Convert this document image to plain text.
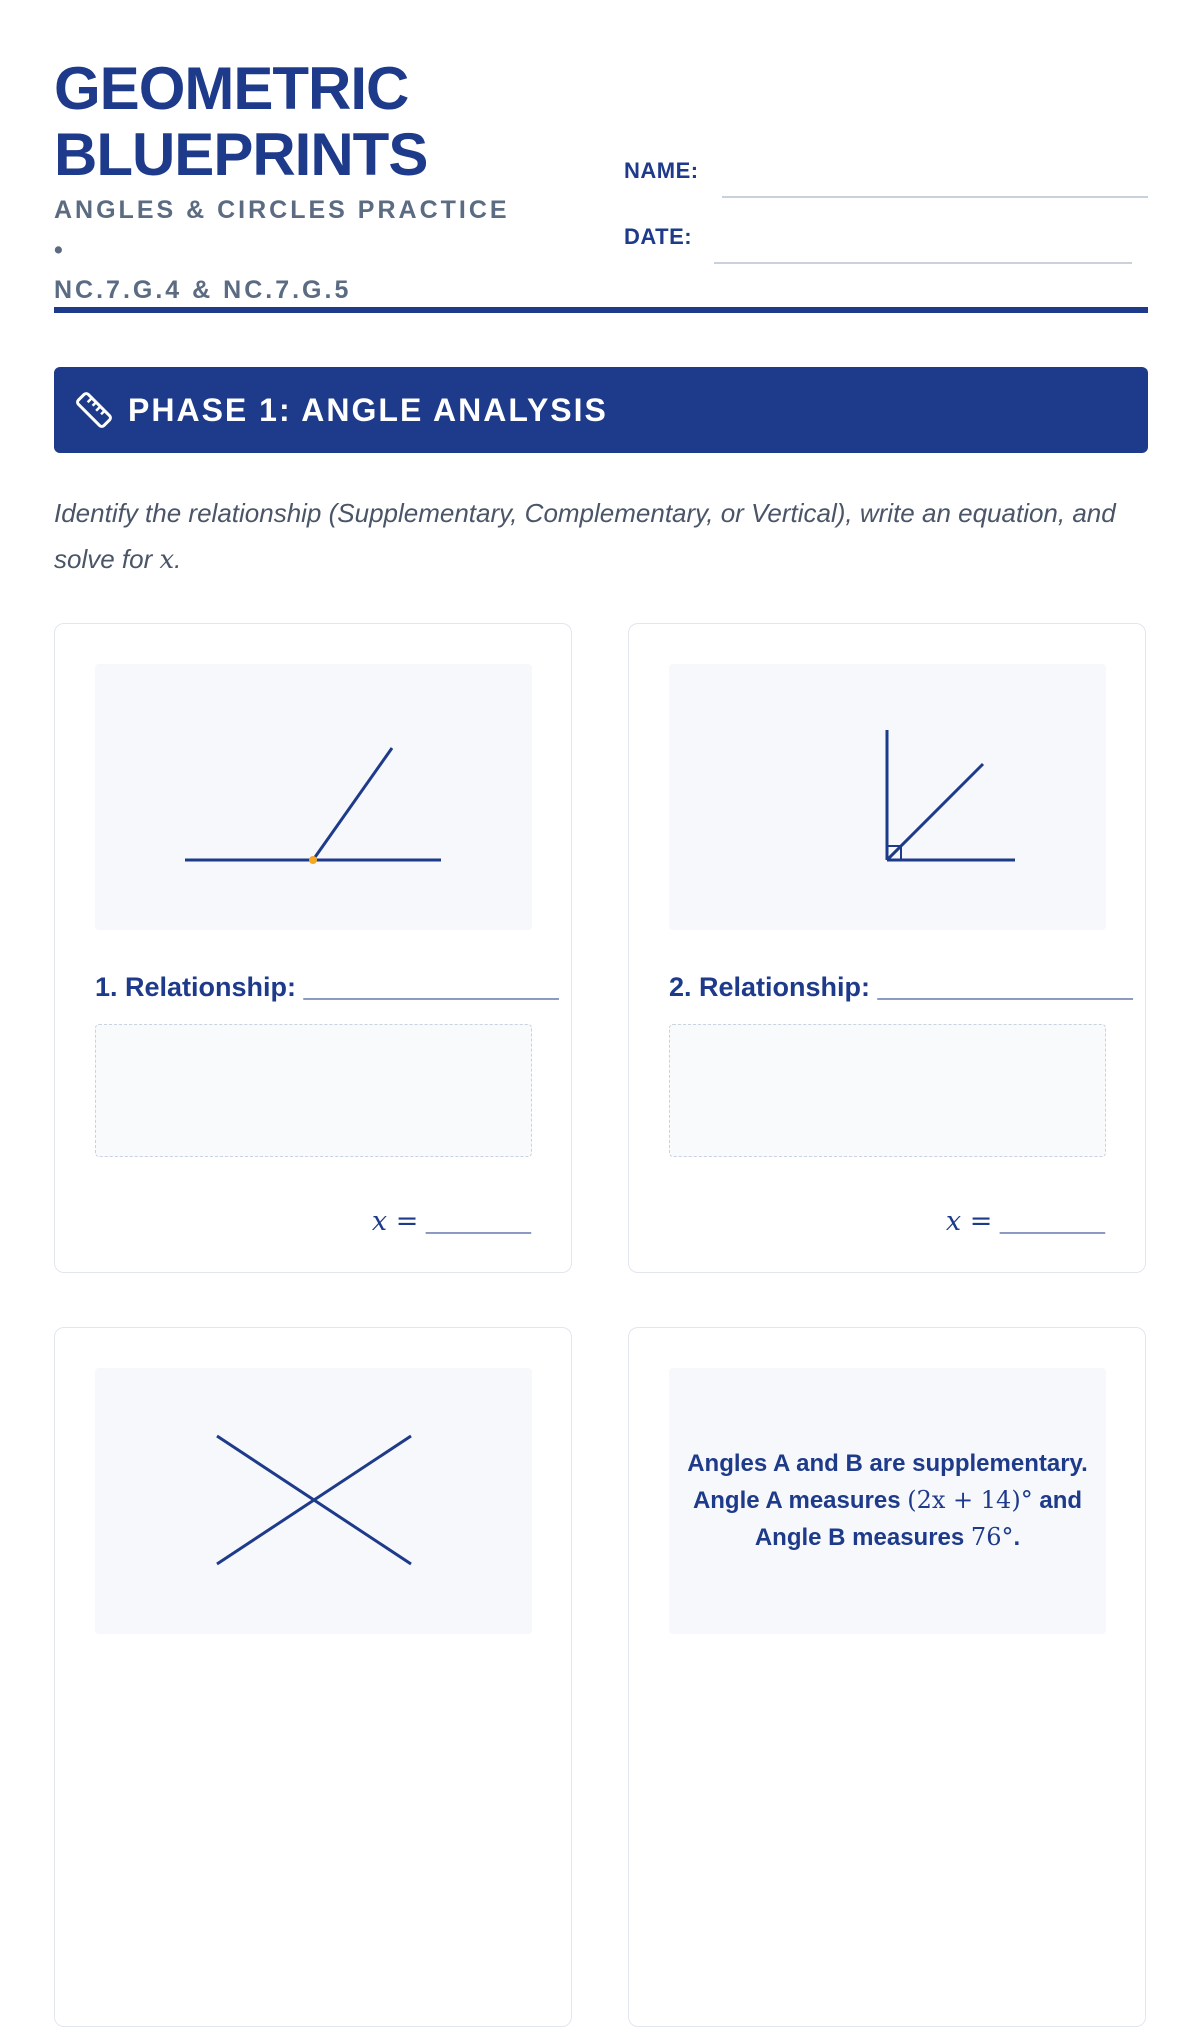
GEOMETRIC
BLUEPRINTS
ANGLES & CIRCLES PRACTICE •
NC.7.G.4 & NC.7.G.5
NAME:
DATE:
PHASE 1: ANGLE ANALYSIS
Identify the relationship (Supplementary, Complementary, or Vertical), write an equation, and solve for x.
1. Relationship: _________________
x = _______
2. Relationship: _________________
x = _______

Angles A and B are supplementary.
Angle A measures (2x + 14)° and
Angle B measures 76°.
